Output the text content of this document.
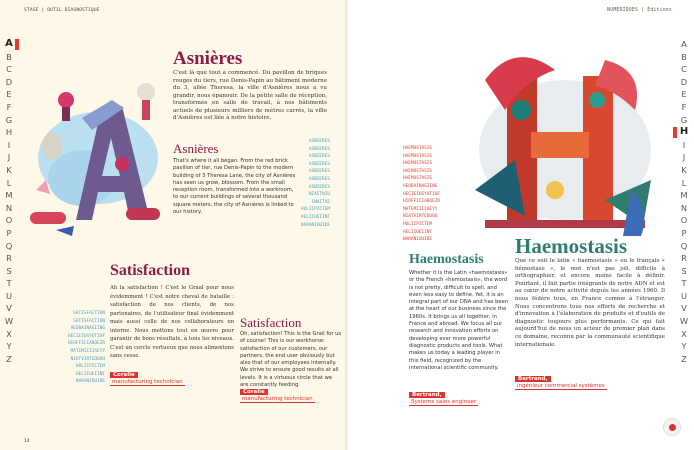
STAGE | OUTIL DIAGNOSTIQUE
A
B
C
D
E
F
G
H
I
J
K
L
M
N
O
P
Q
R
S
T
U
V
W
X
Y
Z
Asnières
C'est là que tout a commencé. Du pavillon de briques rouges du tiers, rue Denis-Papin au bâtiment moderne du 3, allée Theresa, la ville d'Asnières nous a vu grandir, nous épanouir. De la petite salle de réception, transformée en salle de travail, à nos bâtiments actuels de plusieurs milliers de mètres carrés, la ville d'Asnières est liée à notre histoire.
Asnières
That's where it all began. From the red brick pavilion of tier, rue Denis-Papin to the modern building of 3 Theresa Lane, the city of Asnières has seen us grow, blossom. From the small reception room, transformed into a workroom, to our current buildings of several thousand square meters, the city of Asnières is linked to our history.
ASNIERES
ASNIERES
ASNIERES
ASNIERES
ASNIERES
ASNIERES
ASNIERES
NIAETNIU
INAITVE
HOLIIPICTEM
HELIIUEIINT
NARANIOUIDE
Satisfaction
Ah la satisfaction ! C'est le Graal pour nous évidemment ! C'est notre cheval de bataille : satisfaction de nos clients, de nos partenaires, de l'utilisateur final évidemment mais aussi celle de nos collaborateurs en interne. Nous mettons tout en œuvre pour garantir de bons résultats, à tous les niveaux. C'est un cercle vertueux que nous alimentons sans cesse.
Satisfaction
Oh, satisfaction! This is the Grail for us of course! This is our workhorse: satisfaction of our customers, our partners, the end user obviously but also that of our employees internally. We strive to ensure good results at all levels. It is a virtuous circle that we are constantly feeding.
SATISFACTION
SATISFACTION
HEOBAINAGIING
HECIEIUSYUTIOF
HIOFFICIABOEZR
MATEMIIIIAEYY
NIATVIRTEDUOU
HOLIIPICTEM
HELIIUEIINT
NARANIOUIDE
Coralie
manufacturing technician
Coralie
manufacturing technician
14
NUMÉRIQUES | Éditions
A
B
C
D
E
F
G
H
I
J
K
L
M
N
O
P
Q
R
S
T
U
V
W
X
Y
Z
HAEMOSTASIS
HAEMOSTASIS
HAEMOSTASIS
HAEMOSTASIS
HAEMOSTASIS
HEOBAINAGIING
HECIEIUSYUTIOF
HIOFFICIABOEZR
MATEMIIIIAEYY
NIATVIRTEDUOU
HOLIIPICTEM
HELIIUEIINT
NARANIOUIDE
Haemostasis
Whether it is the Latin «haemostasis» or the French «hemostasis», the word is not pretty, difficult to spell, and even less easy to define. Yet, it is an integral part of our DNA and has been at the heart of our business since the 1960s. It brings us all together, in France and abroad. We focus all our research and innovation efforts on developing ever more powerful diagnostic products and tools. What makes us today a leading player in this field, recognized by the international scientific community.
Haemostasis
Que ce soit le latin « haemostasis » ou le français « hémostase », le mot n'est pas joli, difficile à orthographier, et encore moins facile à définir. Pourtant, il fait partie intégrante de notre ADN et est au cœur de notre activité depuis les années 1960. Il nous fédère tous, en France comme à l'étranger. Nous concentrons tous nos efforts de recherche et d'innovation à l'élaboration de produits et d'outils de diagnostic toujours plus performants. Ce qui fait aujourd'hui de nous un acteur de premier plan dans ce domaine, reconnu par la communauté scientifique internationale.
Bertrand,
Systems sales engineer
Bertrand,
ingénieur commercial systèmes
